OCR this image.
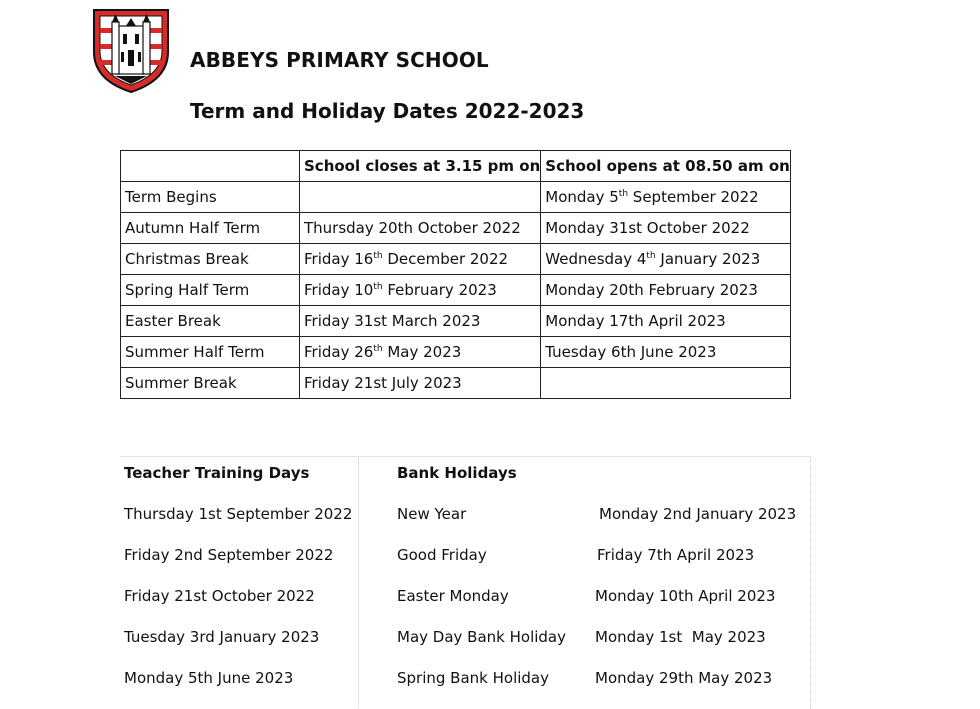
ABBEYS PRIMARY SCHOOL
Term and Holiday Dates 2022-2023
	School closes at 3.15 pm on	School opens at 08.50 am on
Term Begins		Monday 5th September 2022
Autumn Half Term	Thursday 20th October 2022	Monday 31st October 2022
Christmas Break	Friday 16th December 2022	Wednesday 4th January 2023
Spring Half Term	Friday 10th February 2023	Monday 20th February 2023
Easter Break	Friday 31st March 2023	Monday 17th April 2023
Summer Half Term	Friday 26th May 2023	Tuesday 6th June 2023
Summer Break	Friday 21st July 2023	
Teacher Training Days
Thursday 1st September 2022
Friday 2nd September 2022
Friday 21st October 2022
Tuesday 3rd January 2023
Monday 5th June 2023
Bank Holidays
New Year	Monday 2nd January 2023
Good Friday	Friday 7th April 2023
Easter Monday	Monday 10th April 2023
May Day Bank Holiday Monday 1st  May 2023
Spring Bank Holiday	Monday 29th May 2023
